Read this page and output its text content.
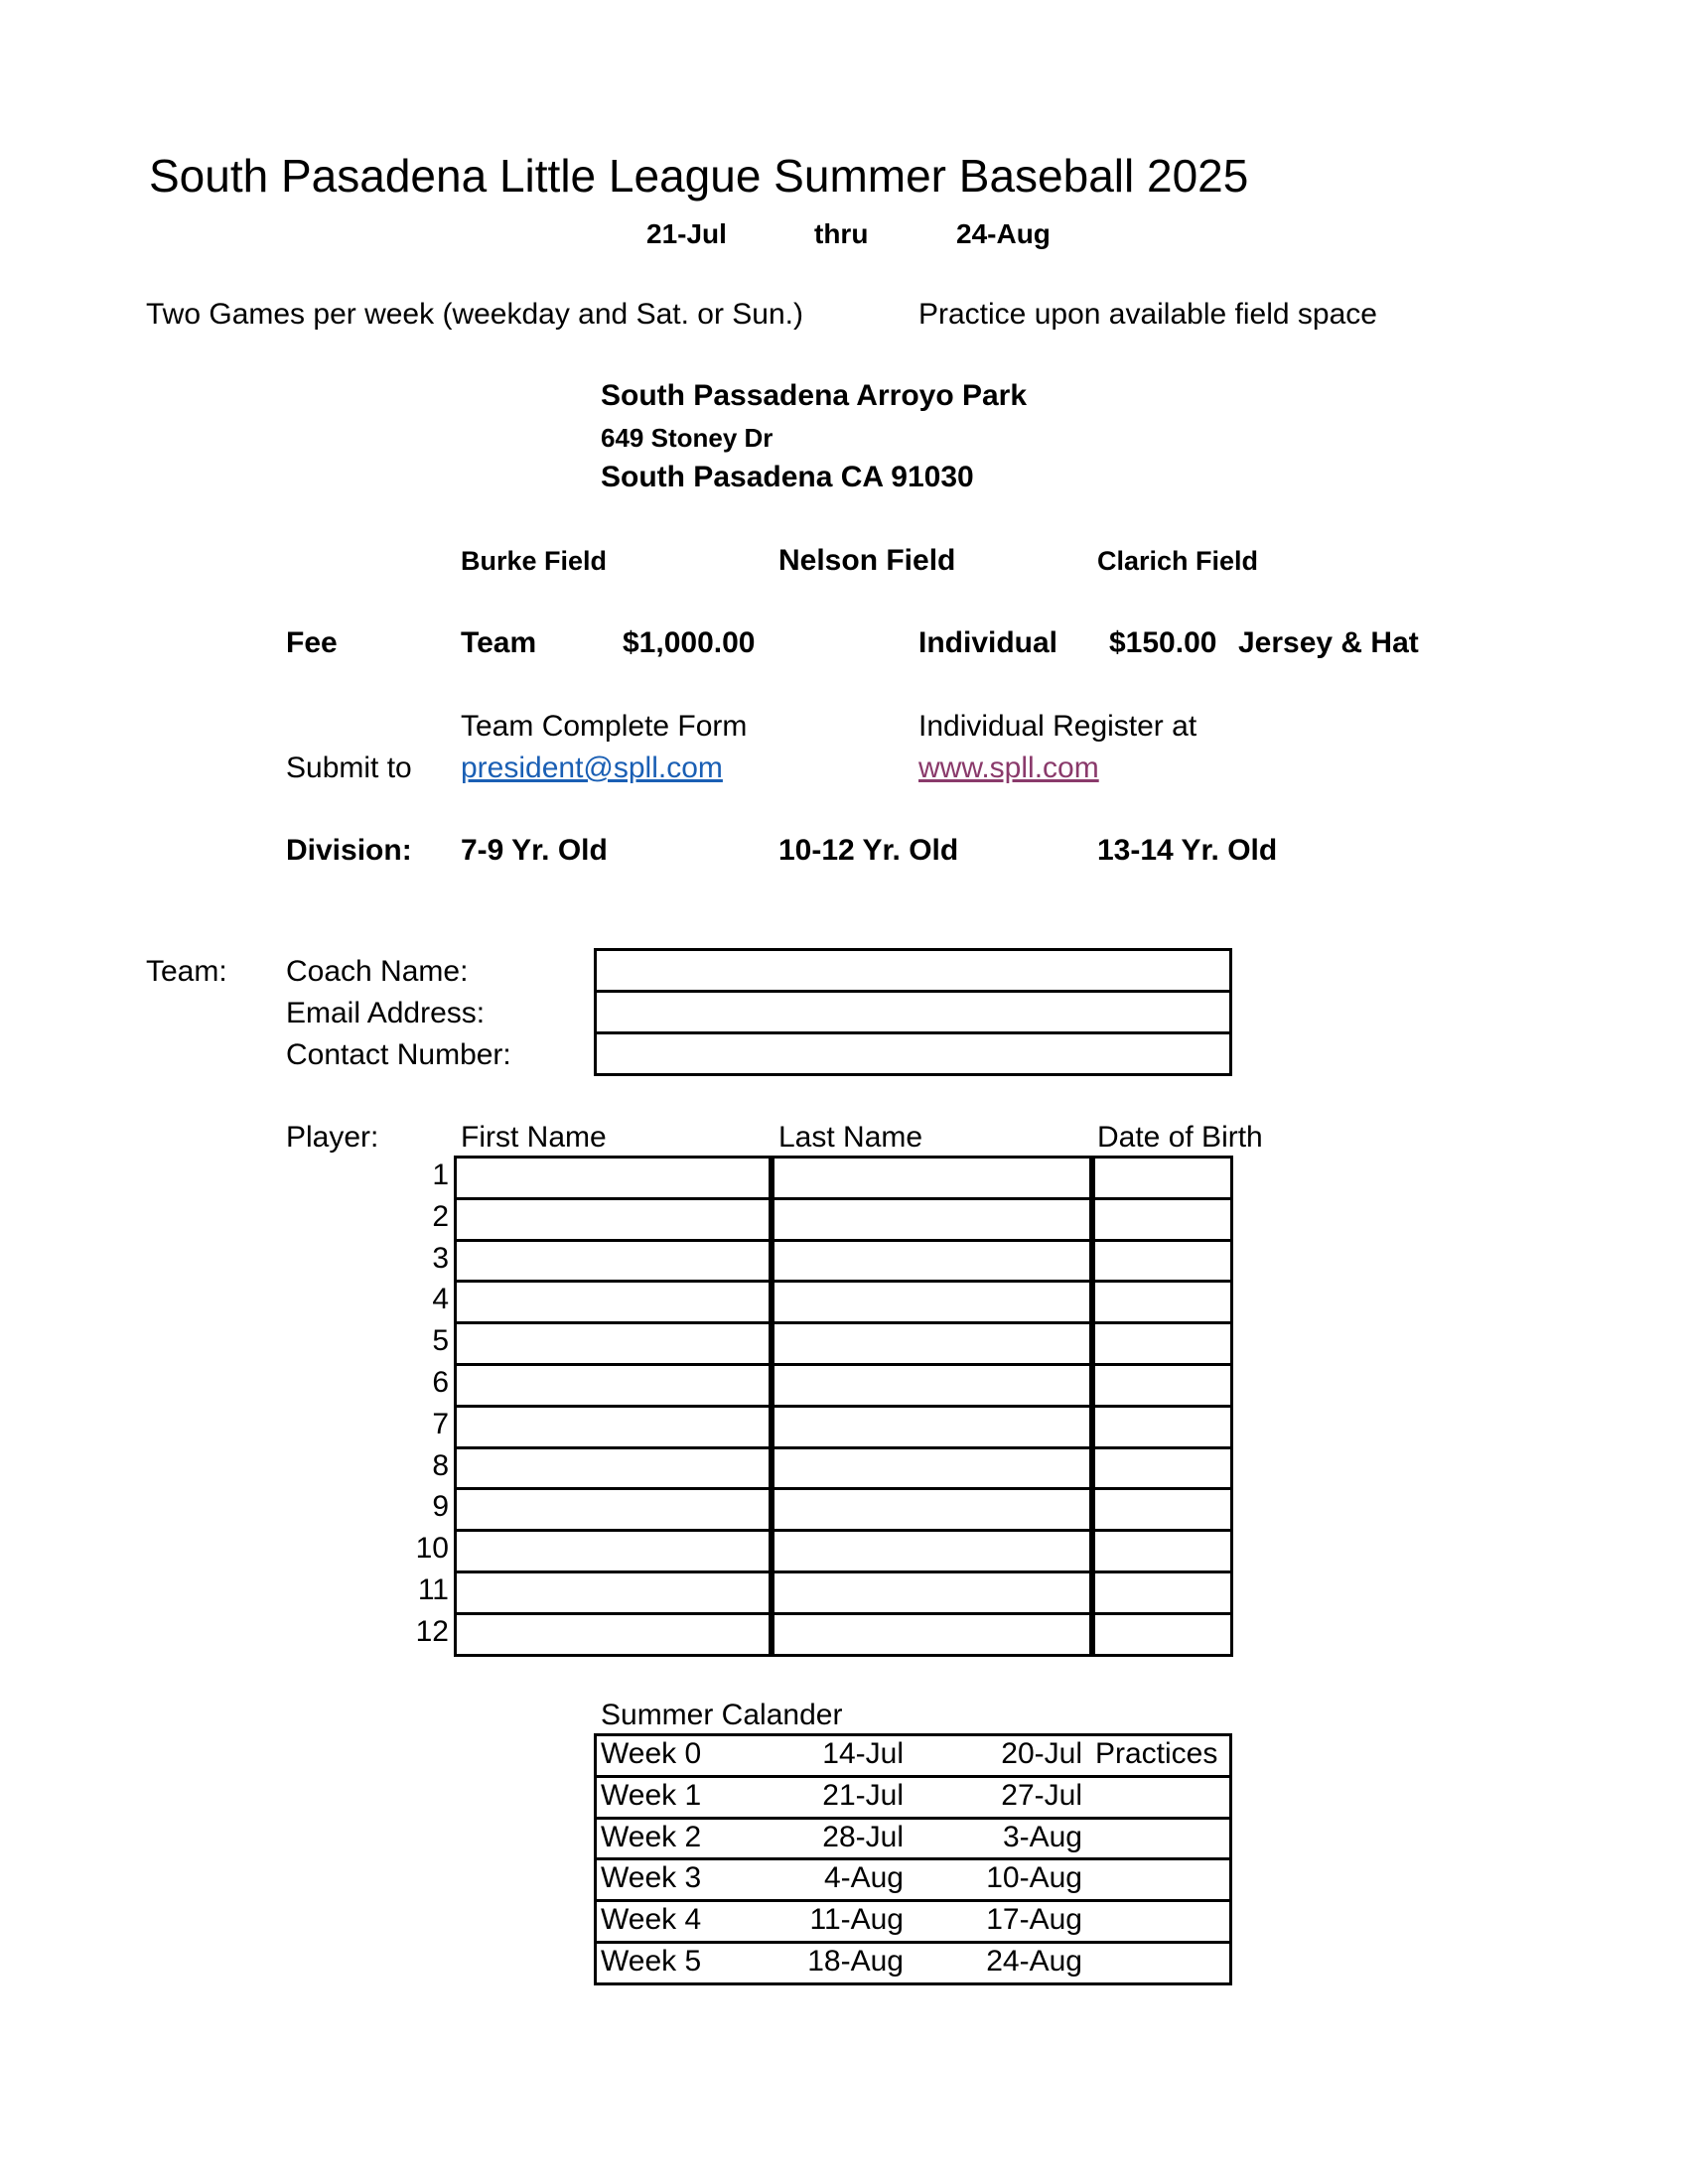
South Pasadena Little League Summer Baseball 2025
21-Jul	thru	24-Aug
Two Games per week (weekday and Sat. or Sun.)	Practice upon available field space
South Passadena Arroyo Park
649 Stoney Dr
South Pasadena CA 91030
Burke Field	Nelson Field	Clarich Field
Fee	Team	$1,000.00	Individual $150.00 Jersey & Hat
Team Complete Form	Individual Register at
Submit to president@spll.com	www.spll.com
Division: 7-9 Yr. Old	10-12 Yr. Old	13-14 Yr. Old
Team: Coach Name:
Email Address:
Contact Number:
Player:	First Name	Last Name	Date of Birth
1
2
3
4
5
6
7
8
9
10
11
12
Summer Calander
Week 0	14-Jul	20-Jul Practices
Week 1	21-Jul	27-Jul
Week 2	28-Jul	3-Aug
Week 3	4-Aug	10-Aug
Week 4	11-Aug	17-Aug
Week 5	18-Aug	24-Aug
